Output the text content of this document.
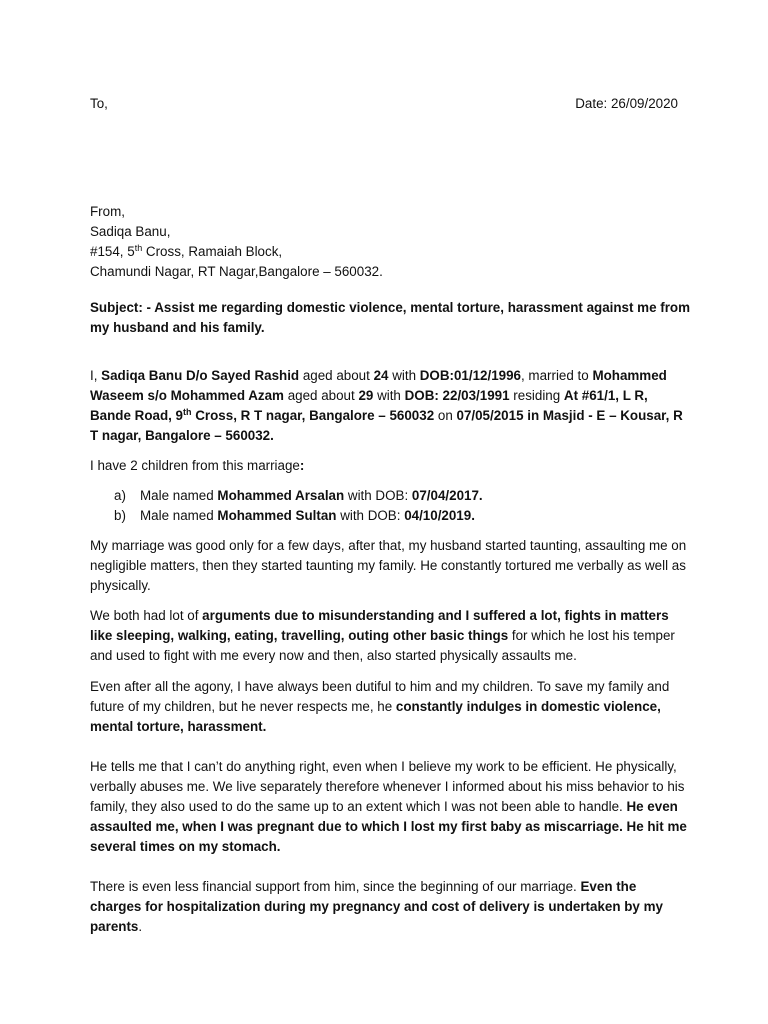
To,	Date: 26/09/2020
From,
Sadiqa Banu,
#154, 5th Cross, Ramaiah Block,
Chamundi Nagar, RT Nagar,Bangalore – 560032.

Subject: - Assist me regarding domestic violence, mental torture, harassment against me from my husband and his family.

I, Sadiqa Banu D/o Sayed Rashid aged about 24 with DOB:01/12/1996, married to Mohammed Waseem s/o Mohammed Azam aged about 29 with DOB: 22/03/1991 residing At #61/1, L R, Bande Road, 9th Cross, R T nagar, Bangalore – 560032 on 07/05/2015 in Masjid - E – Kousar, R T nagar, Bangalore – 560032.

I have 2 children from this marriage:

a) Male named Mohammed Arsalan with DOB: 07/04/2017.
b) Male named Mohammed Sultan with DOB: 04/10/2019.

My marriage was good only for a few days, after that, my husband started taunting, assaulting me on negligible matters, then they started taunting my family. He constantly tortured me verbally as well as physically.

We both had lot of arguments due to misunderstanding and I suffered a lot, fights in matters like sleeping, walking, eating, travelling, outing other basic things for which he lost his temper and used to fight with me every now and then, also started physically assaults me.

Even after all the agony, I have always been dutiful to him and my children. To save my family and future of my children, but he never respects me, he constantly indulges in domestic violence, mental torture, harassment.

He tells me that I can’t do anything right, even when I believe my work to be efficient. He physically, verbally abuses me. We live separately therefore whenever I informed about his miss behavior to his family, they also used to do the same up to an extent which I was not been able to handle. He even assaulted me, when I was pregnant due to which I lost my first baby as miscarriage. He hit me several times on my stomach.

There is even less financial support from him, since the beginning of our marriage. Even the charges for hospitalization during my pregnancy and cost of delivery is undertaken by my parents.
